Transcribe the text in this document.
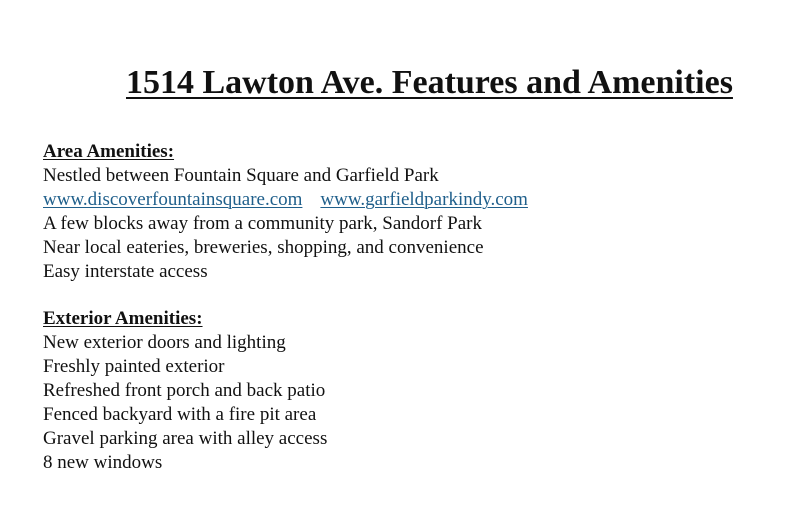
1514 Lawton Ave. Features and Amenities

Area Amenities:

Nestled between Fountain Square and Garfield Park

www.discoverfountainsquare.com www.garfieldparkindy.com

A few blocks away from a community park, Sandorf Park
Near local eateries, breweries, shopping, and convenience
Easy interstate access

Exterior Amenities:

New exterior doors and lighting
Freshly painted exterior
Refreshed front porch and back patio
Fenced backyard with a fire pit area
Gravel parking area with alley access
8 new windows
